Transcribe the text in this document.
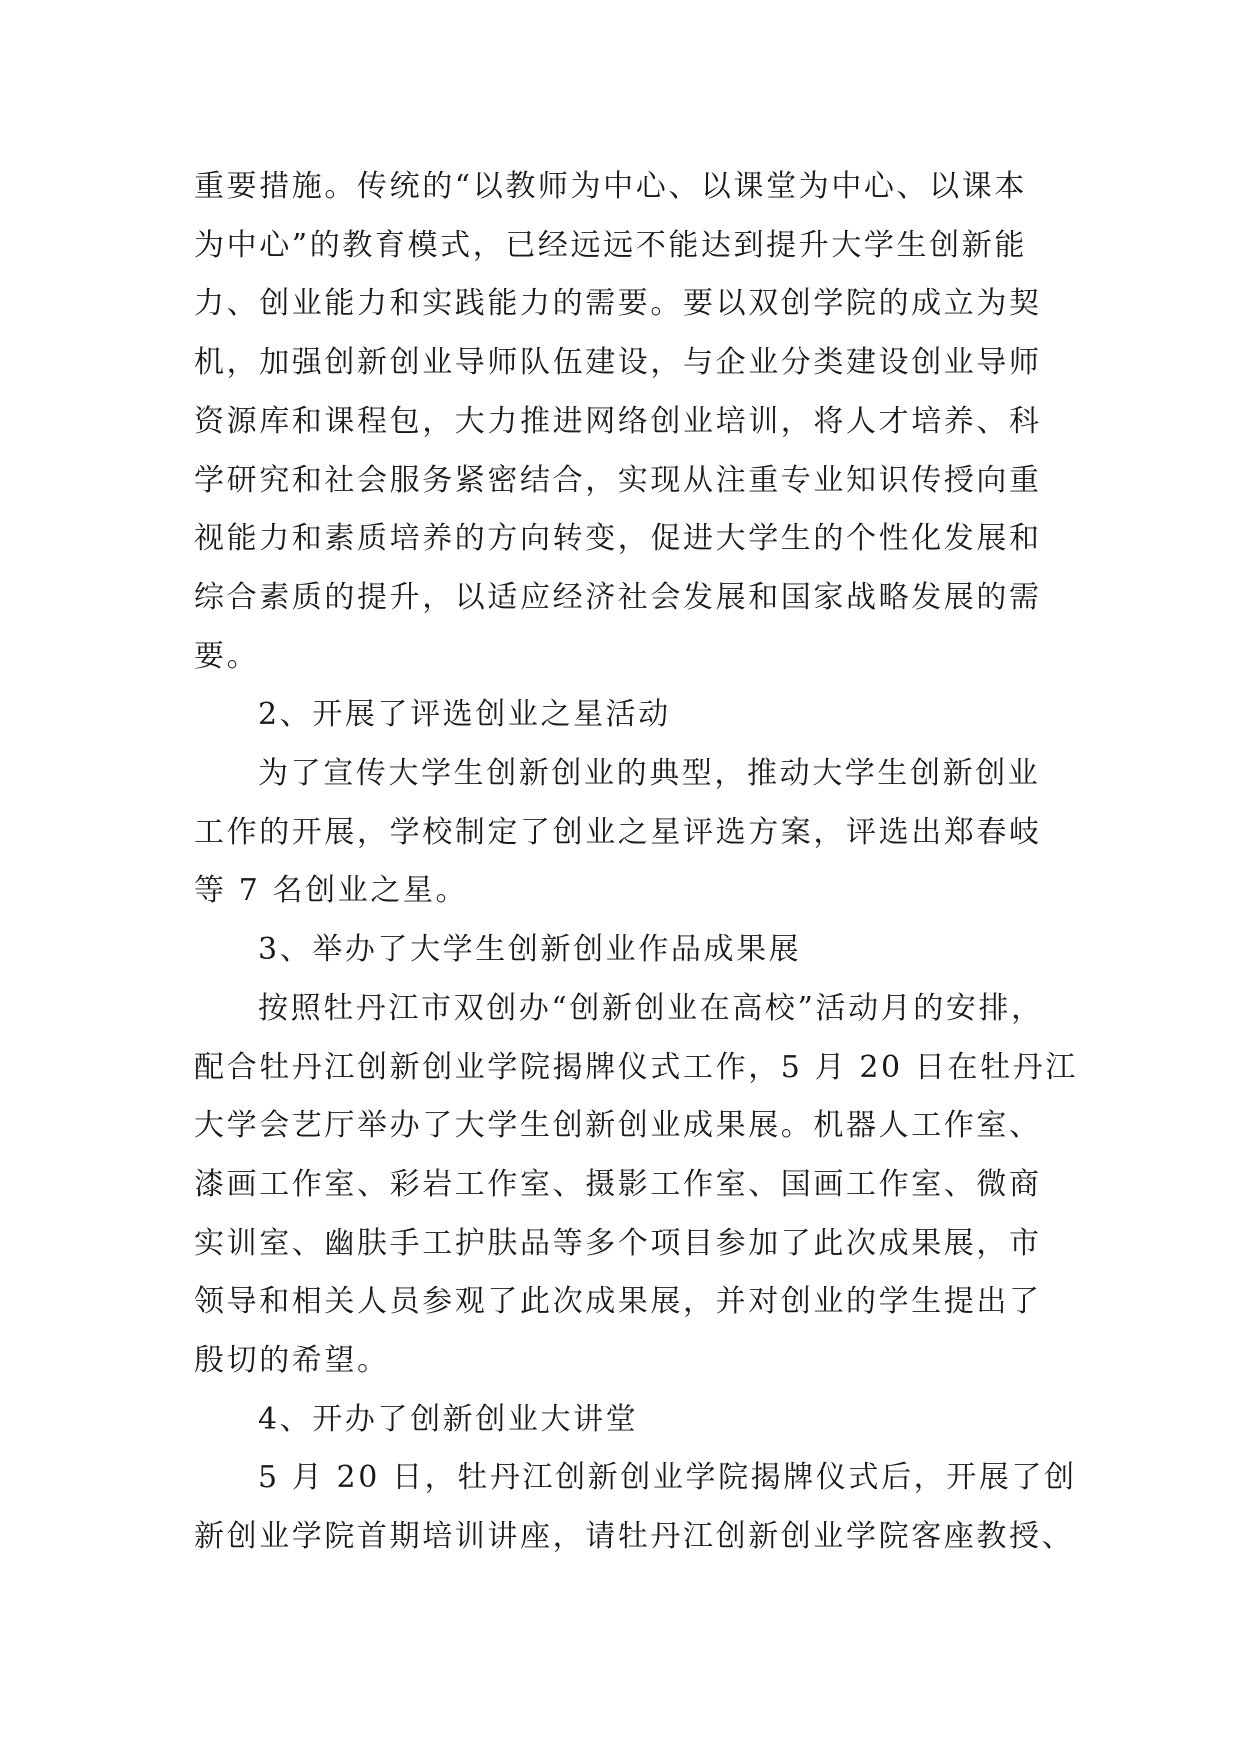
重要措施。传统的“以教师为中心、以课堂为中心、以课本
为中心”的教育模式，已经远远不能达到提升大学生创新能
力、创业能力和实践能力的需要。要以双创学院的成立为契
机，加强创新创业导师队伍建设，与企业分类建设创业导师
资源库和课程包，大力推进网络创业培训，将人才培养、科
学研究和社会服务紧密结合，实现从注重专业知识传授向重
视能力和素质培养的方向转变，促进大学生的个性化发展和
综合素质的提升，以适应经济社会发展和国家战略发展的需
要。
2、开展了评选创业之星活动
为了宣传大学生创新创业的典型，推动大学生创新创业
工作的开展，学校制定了创业之星评选方案，评选出郑春岐
等 7 名创业之星。
3、举办了大学生创新创业作品成果展
按照牡丹江市双创办“创新创业在高校”活动月的安排，
配合牡丹江创新创业学院揭牌仪式工作，5 月 20 日在牡丹江
大学会艺厅举办了大学生创新创业成果展。机器人工作室、
漆画工作室、彩岩工作室、摄影工作室、国画工作室、微商
实训室、幽肤手工护肤品等多个项目参加了此次成果展，市
领导和相关人员参观了此次成果展，并对创业的学生提出了
殷切的希望。
4、开办了创新创业大讲堂
5 月 20 日，牡丹江创新创业学院揭牌仪式后，开展了创
新创业学院首期培训讲座，请牡丹江创新创业学院客座教授、
